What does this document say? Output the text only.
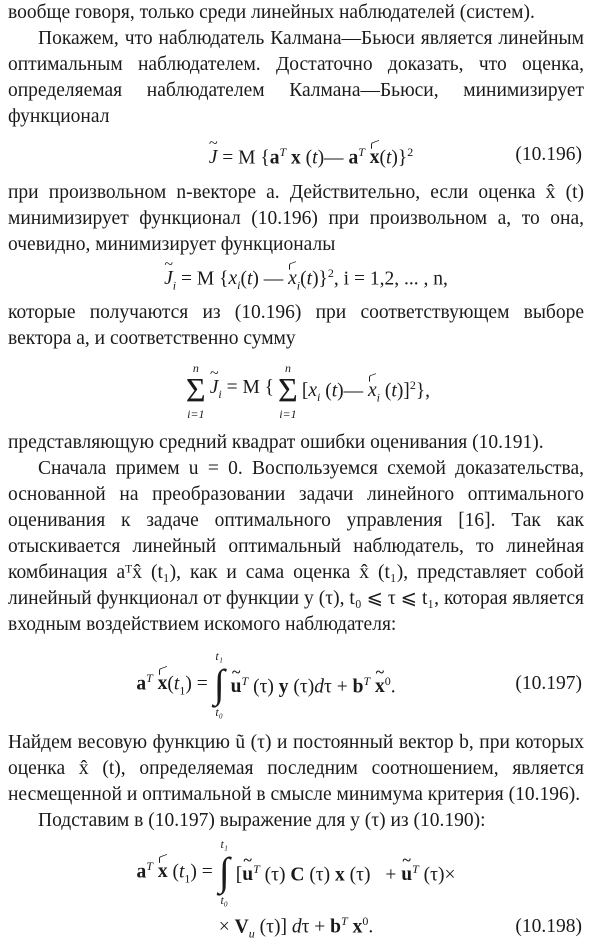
вообще говоря, только среди линейных наблюдателей (систем).

Покажем, что наблюдатель Калмана—Бьюси является линейным оптимальным наблюдателем. Достаточно доказать, что оценка, определяемая наблюдателем Калмана—Бьюси, минимизирует функционал

~ J = M {$a^T$ x (t)— $a^T$ x(t)}$^2$	(10.196)

при произвольном n-векторе a. Действительно, если оценка x̂ (t) минимизирует функционал (10.196) при произвольном a, то она, очевидно, минимизирует функционалы

~ $J_i = M$ {$x_i(t)$ — $x_i(t)\}^2$, i = 1,2, ... , n,

которые получаются из (10.196) при соответствующем выборе вектора a, и соответственно сумму

n
Σ
i=1
~ $J_i = M$ {
n
Σ
i=1
[$x_i$ (t)— $x_i$ (t)]$^2$},

представляющую средний квадрат ошибки оценивания (10.191).

Сначала примем u = 0. Воспользуемся схемой доказательства, основанной на преобразовании задачи линейного оптимального оценивания к задаче оптимального управления [16]. Так как отыскивается линейный оптимальный наблюдатель, то линейная комбинация aᵀx̂ (t₁), как и сама оценка x̂ (t₁), представляет собой линейный функционал от функции y (τ), t₀ ⩽ τ ⩽ t₁, которая является входным воздействием искомого наблюдателя:

$a^T$ $x(t_1)$ =
t₁
∫
t₀
~ $u^T$ (τ) y $(\tau)d\tau + b^T$ ~ $x^0$.	(10.197)

Найдем весовую функцию ũ (τ) и постоянный вектор b, при которых оценка x̂ (t), определяемая последним соотношением, является несмещенной и оптимальной в смысле минимума критерия (10.196).

Подставим в (10.197) выражение для y (τ) из (10.190):

$a^T$ x $(t_1)$ =
t₁
∫
t₀
[~ $u^T$ (τ) C (τ) x (τ) + ~ $u^T$ (τ)×
× $V_u$ (τ)] $d\tau + b^T$ $x^0$.	(10.198)
